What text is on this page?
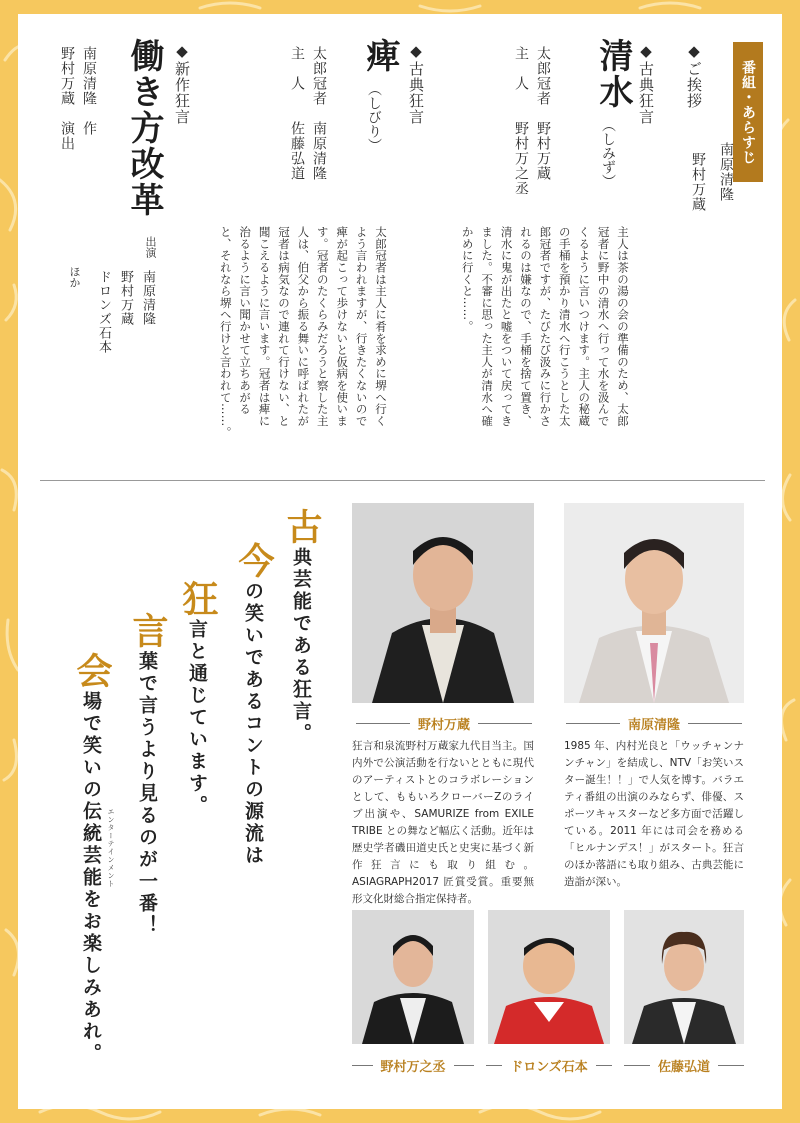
番組・あらすじ
◆ご挨拶
南原清隆
野村万蔵
◆古典狂言
清水
（しみず）
太郎冠者　野村万蔵
主　人　　野村万之丞
主人は茶の湯の会の準備のため、太郎
冠者に野中の清水へ行って水を汲んで
くるように言いつけます。主人の秘蔵
の手桶を預かり清水へ行こうとした太
郎冠者ですが、たびたび汲みに行かさ
れるのは嫌なので、手桶を捨て置き、
清水に鬼が出たと嘘をついて戻ってき
ました。不審に思った主人が清水へ確
かめに行くと……。
◆古典狂言
痺
（しびり）
太郎冠者　南原清隆
主　人　　佐藤弘道
太郎冠者は主人に肴を求めに堺へ行く
よう言われますが、行きたくないので
痺が起こって歩けないと仮病を使いま
す。冠者のたくらみだろうと察した主
人は、伯父から振る舞いに呼ばれたが
冠者は病気なので連れて行けない、と
聞こえるように言います。冠者は痺に
治るように言い聞かせて立ちあがる
と、それなら堺へ行けと言われて……。
◆新作狂言
働き方改革
南原清隆　作
野村万蔵　演出
出演
南原清隆
野村万蔵
ドロンズ石本
ほか
古典芸能である狂言。
今の笑いであるコントの源流は
狂言と通じています。
言葉で言うより見るのが一番！
エンターテインメント
会場で笑いの伝統芸能をお楽しみあれ。	野村万蔵
狂言和泉流野村万蔵家九代目当主。国内外で公演活動を行ないとともに現代のアーティストとのコラボレーションとして、ももいろクローバーZのライブ出演や、SAMURIZE from EXILE TRIBE との舞など幅広く活動。近年は歴史学者磯田道史氏と史実に基づく新作狂言にも取り組む。ASIAGRAPH2017 匠賞受賞。重要無形文化財総合指定保持者。
南原清隆
1985 年、内村光良と「ウッチャンナンチャン」を結成し、NTV「お笑いスター誕生！！」で人気を博す。バラエティ番組の出演のみならず、俳優、スポーツキャスターなど多方面で活躍している。2011 年には司会を務める「ヒルナンデス！」がスタート。狂言のほか落語にも取り組み、古典芸能に造詣が深い。
野村万之丞	ドロンズ石本	佐藤弘道
